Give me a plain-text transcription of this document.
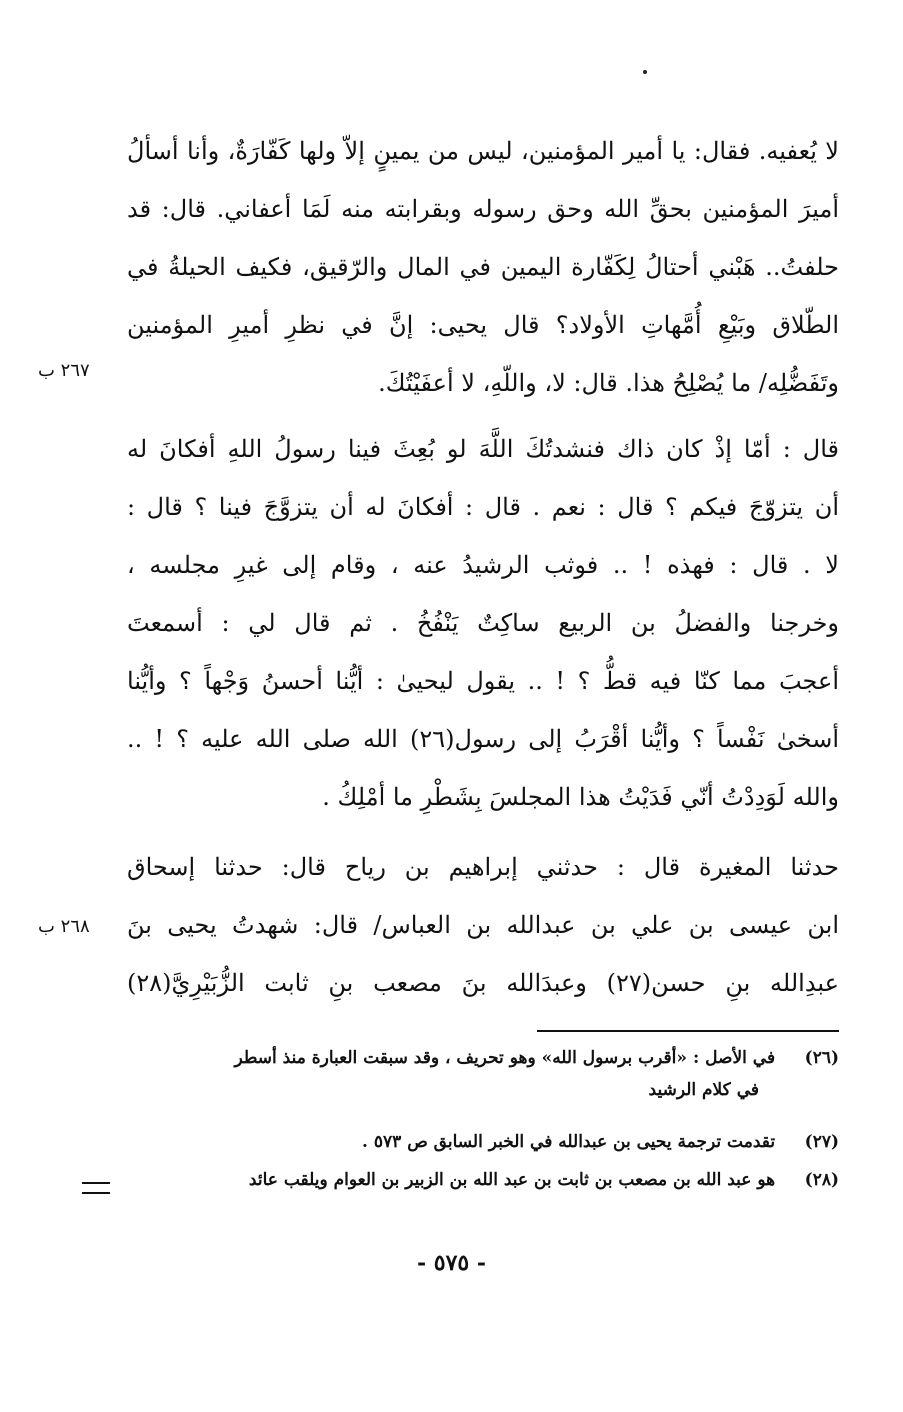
لا يُعفيه. فقال: يا أمير المؤمنين، ليس من يمينٍ إلاّ ولها كَفّارَةٌ، وأنا أسألُ
أميرَ المؤمنين بحقِّ الله وحق رسوله وبقرابته منه لَمَا أعفاني. قال: قد
حلفتُ.. هَبْني أحتالُ لِكَفّارة اليمين في المال والرّقيق، فكيف الحيلةُ في
الطّلاق وبَيْعِ أُمَّهاتِ الأولاد؟ قال يحيى: إنَّ في نظرِ أميرِ المؤمنين
وتَفَضُّلِه/ ما يُصْلِحُ هذا. قال: لا، واللّهِ، لا أعفَيْتُكَ.
٢٦٧ ب
قال : أمّا إذْ كان ذاك فنشدتُكَ اللَّهَ لو بُعِثَ فينا رسولُ اللهِ أفكانَ له
أن يتزوّجَ فيكم ؟ قال : نعم . قال : أفكانَ له أن يتزوَّجَ فينا ؟ قال :
لا . قال : فهذه ! .. فوثب الرشيدُ عنه ، وقام إلى غيرِ مجلسه ،
وخرجنا والفضلُ بن الربيع ساكِتٌ يَنْفُخُ . ثم قال لي : أسمعتَ
أعجبَ مما كنّا فيه قطُّ ؟ ! .. يقول ليحيىٰ : أيُّنا أحسنُ وَجْهاً ؟ وأيُّنا
أسخىٰ نَفْساً ؟ وأيُّنا أقْرَبُ إلى رسول(٢٦) الله صلى الله عليه ؟ ! ..
والله لَوَدِدْتُ أنّي فَدَيْتُ هذا المجلسَ بِشَطْرِ ما أمْلِكُ .
حدثنا المغيرة قال : حدثني إبراهيم بن رياح قال: حدثنا إسحاق
ابن عيسى بن علي بن عبدالله بن العباس/ قال: شهدتُ يحيى بنَ
عبدِالله بنِ حسن(٢٧) وعبدَالله بنَ مصعب بنِ ثابت الزُّبَيْرِيَّ(٢٨)
٢٦٨ ب
(٢٦) في الأصل : «أقرب برسول الله» وهو تحريف ، وقد سبقت العبارة منذ أسطر
في كلام الرشيد
(٢٧) تقدمت ترجمة يحيى بن عبدالله في الخبر السابق ص ٥٧٣ .
(٢٨) هو عبد الله بن مصعب بن ثابت بن عبد الله بن الزبير بن العوام ويلقب عائد
- ٥٧٥ -
